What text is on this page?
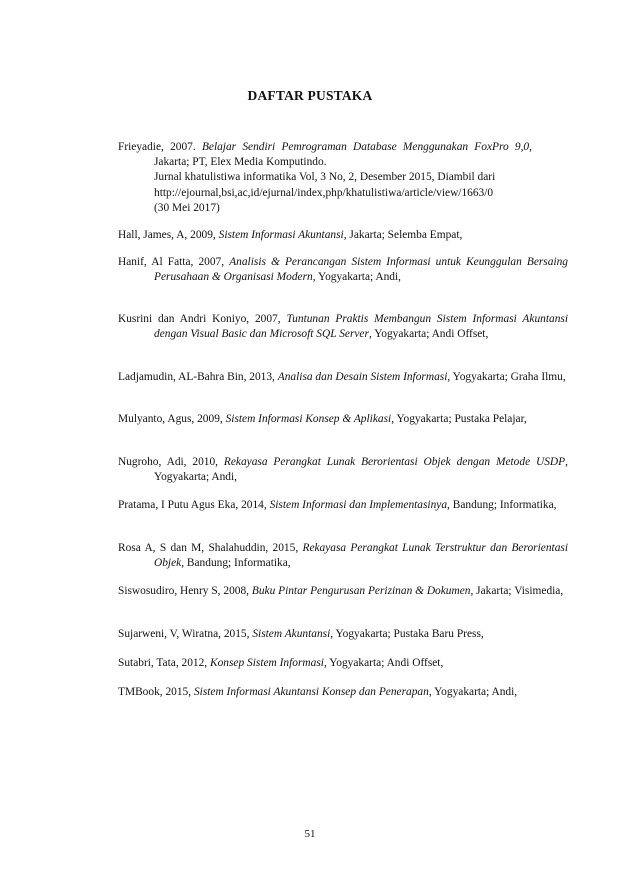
DAFTAR PUSTAKA
Frieyadie, 2007. Belajar Sendiri Pemrograman Database Menggunakan FoxPro 9,0, Jakarta; PT, Elex Media Komputindo.
Jurnal khatulistiwa informatika Vol, 3 No, 2, Desember 2015, Diambil dari
http://ejournal,bsi,ac,id/ejurnal/index,php/khatulistiwa/article/view/1663/0
(30 Mei 2017)
Hall, James, A, 2009, Sistem Informasi Akuntansi, Jakarta; Selemba Empat,
Hanif, Al Fatta, 2007, Analisis & Perancangan Sistem Informasi untuk Keunggulan Bersaing Perusahaan & Organisasi Modern, Yogyakarta; Andi,
Kusrini dan Andri Koniyo, 2007, Tuntunan Praktis Membangun Sistem Informasi Akuntansi dengan Visual Basic dan Microsoft SQL Server, Yogyakarta; Andi Offset,
Ladjamudin, AL-Bahra Bin, 2013, Analisa dan Desain Sistem Informasi, Yogyakarta; Graha Ilmu,
Mulyanto, Agus, 2009, Sistem Informasi Konsep & Aplikasi, Yogyakarta; Pustaka Pelajar,
Nugroho, Adi, 2010, Rekayasa Perangkat Lunak Berorientasi Objek dengan Metode USDP, Yogyakarta; Andi,
Pratama, I Putu Agus Eka, 2014, Sistem Informasi dan Implementasinya, Bandung; Informatika,
Rosa A, S dan M, Shalahuddin, 2015, Rekayasa Perangkat Lunak Terstruktur dan Berorientasi Objek, Bandung; Informatika,
Siswosudiro, Henry S, 2008, Buku Pintar Pengurusan Perizinan & Dokumen, Jakarta; Visimedia,
Sujarweni, V, Wiratna, 2015, Sistem Akuntansi, Yogyakarta; Pustaka Baru Press,
Sutabri, Tata, 2012, Konsep Sistem Informasi, Yogyakarta; Andi Offset,
TMBook, 2015, Sistem Informasi Akuntansi Konsep dan Penerapan, Yogyakarta; Andi,
51
